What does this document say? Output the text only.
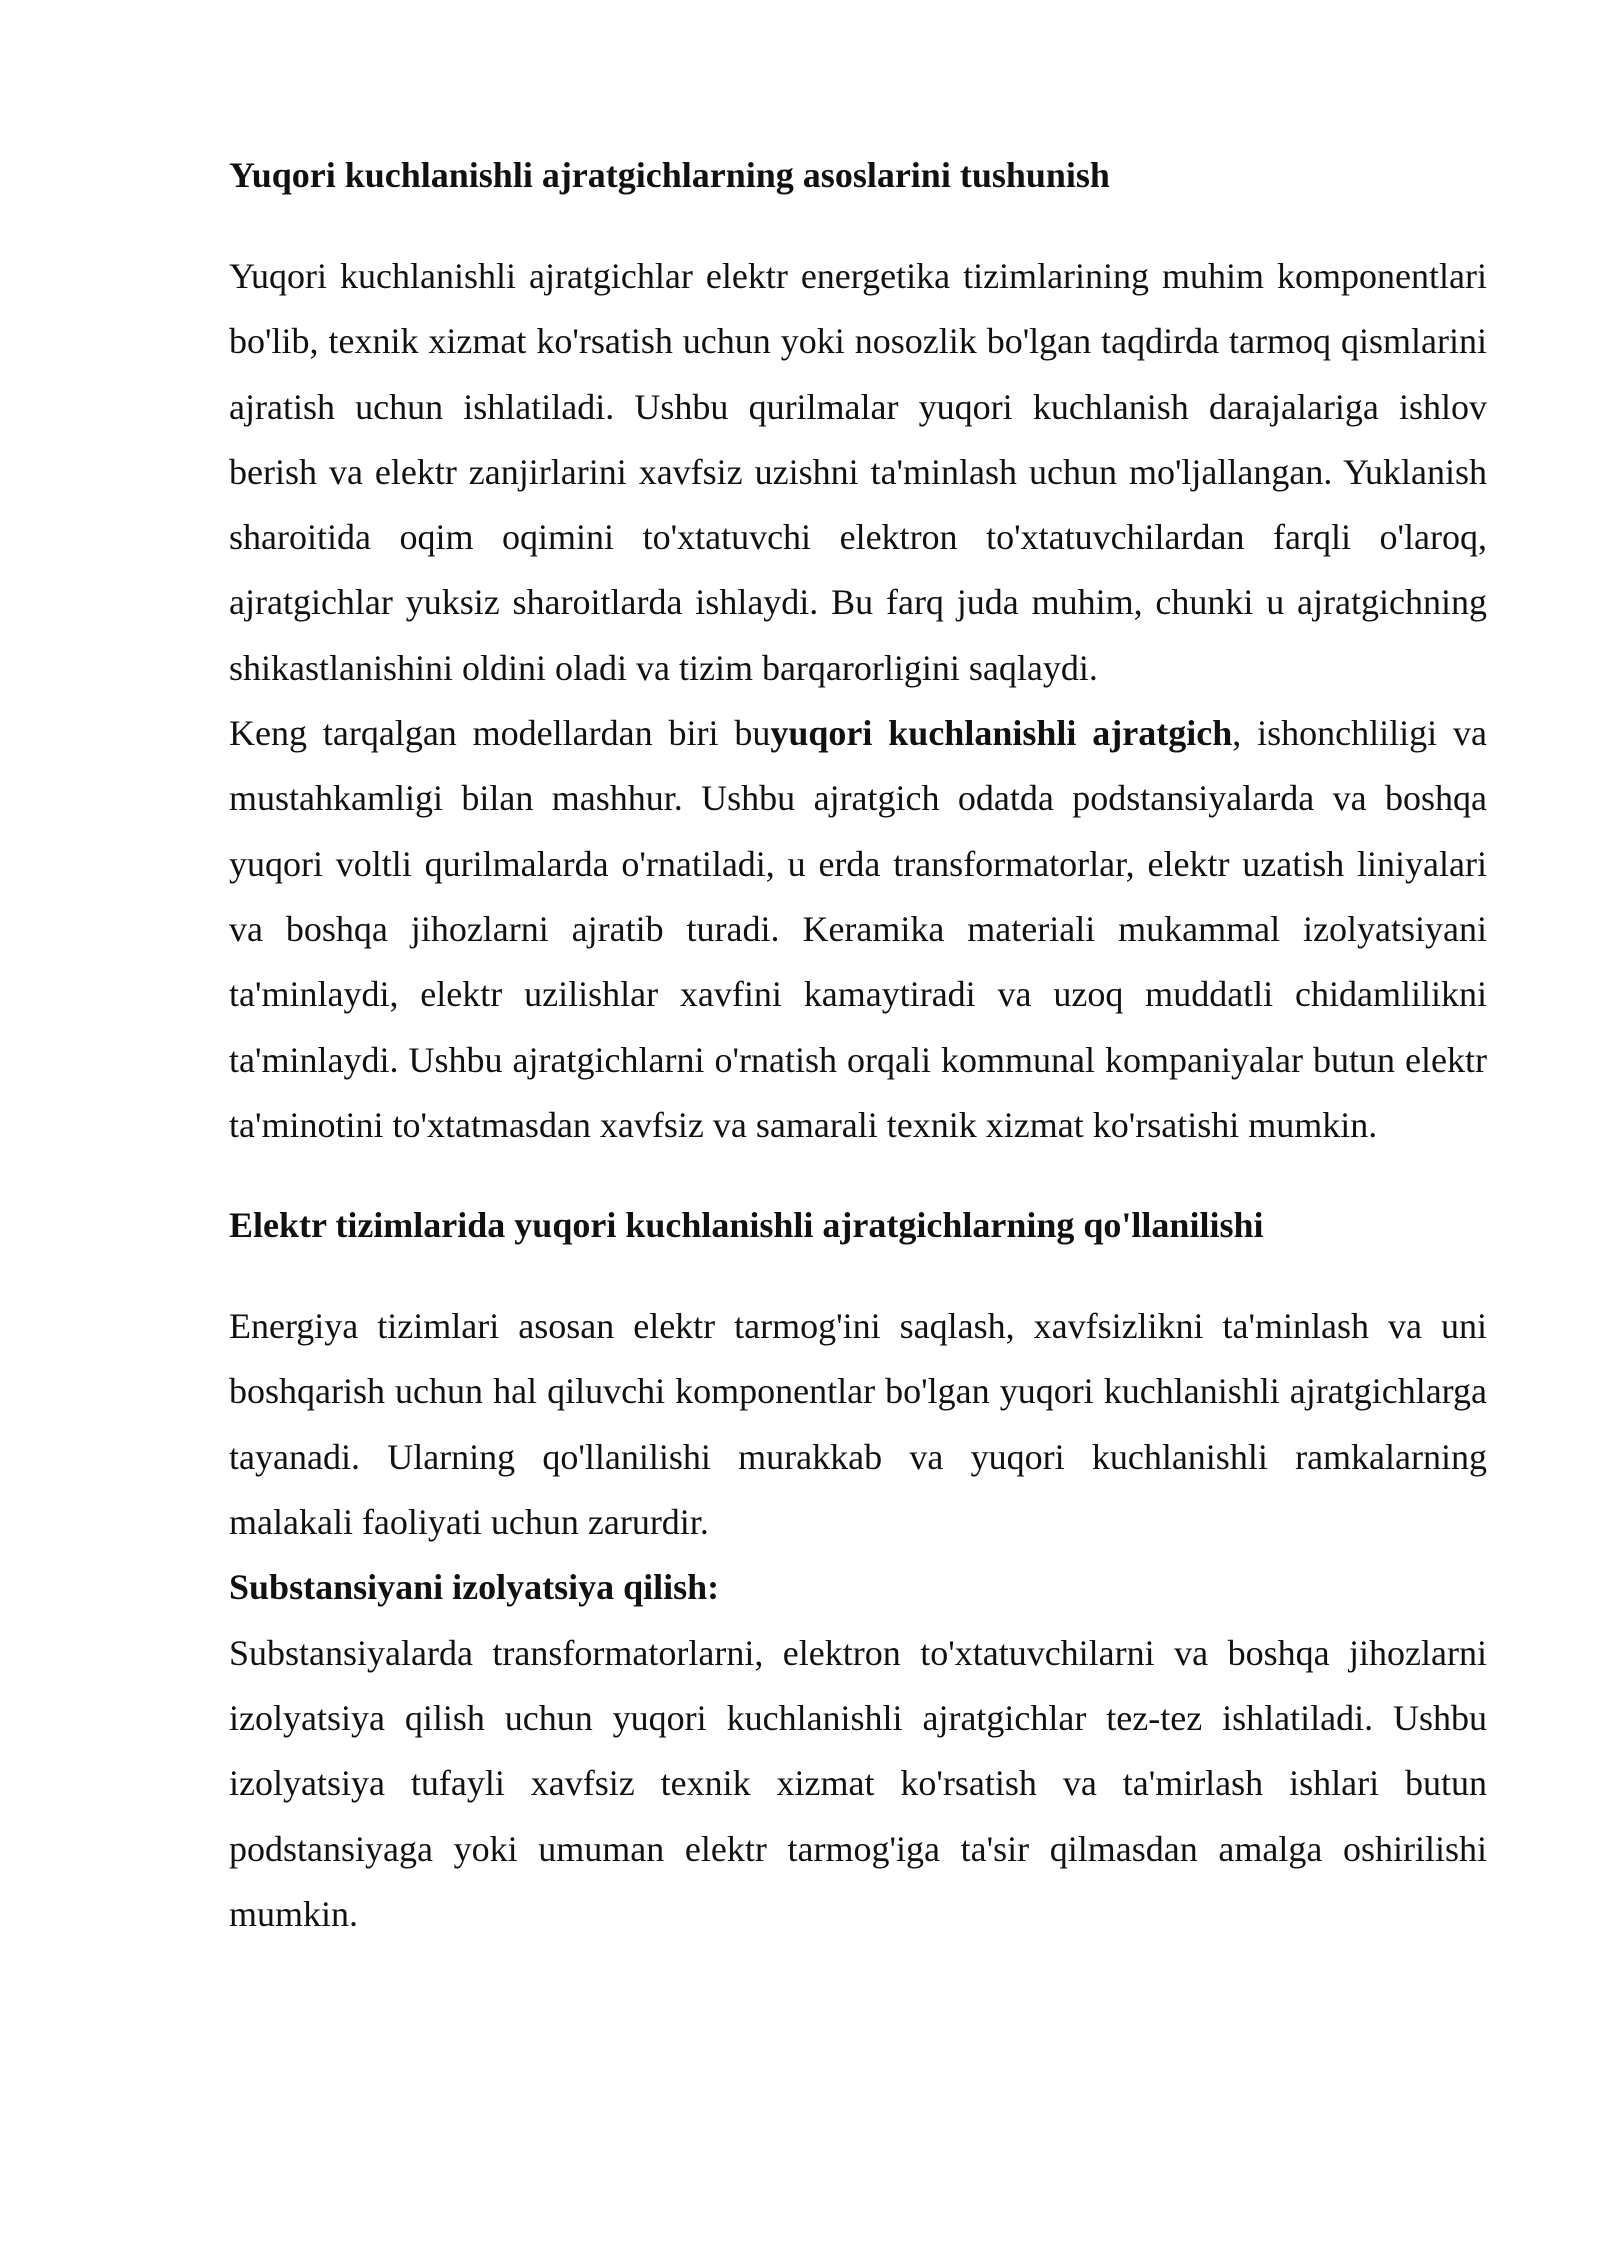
Yuqori kuchlanishli ajratgichlarning asoslarini tushunish

Yuqori kuchlanishli ajratgichlar elektr energetika tizimlarining muhim komponentlari bo'lib, texnik xizmat ko'rsatish uchun yoki nosozlik bo'lgan taqdirda tarmoq qismlarini ajratish uchun ishlatiladi. Ushbu qurilmalar yuqori kuchlanish darajalariga ishlov berish va elektr zanjirlarini xavfsiz uzishni ta'minlash uchun mo'ljallangan. Yuklanish sharoitida oqim oqimini to'xtatuvchi elektron to'xtatuvchilardan farqli o'laroq, ajratgichlar yuksiz sharoitlarda ishlaydi. Bu farq juda muhim, chunki u ajratgichning shikastlanishini oldini oladi va tizim barqarorligini saqlaydi.

Keng tarqalgan modellardan biri buyuqori kuchlanishli ajratgich, ishonchliligi va mustahkamligi bilan mashhur. Ushbu ajratgich odatda podstansiyalarda va boshqa yuqori voltli qurilmalarda o'rnatiladi, u erda transformatorlar, elektr uzatish liniyalari va boshqa jihozlarni ajratib turadi. Keramika materiali mukammal izolyatsiyani ta'minlaydi, elektr uzilishlar xavfini kamaytiradi va uzoq muddatli chidamlilikni ta'minlaydi. Ushbu ajratgichlarni o'rnatish orqali kommunal kompaniyalar butun elektr ta'minotini to'xtatmasdan xavfsiz va samarali texnik xizmat ko'rsatishi mumkin.

Elektr tizimlarida yuqori kuchlanishli ajratgichlarning qo'llanilishi

Energiya tizimlari asosan elektr tarmog'ini saqlash, xavfsizlikni ta'minlash va uni boshqarish uchun hal qiluvchi komponentlar bo'lgan yuqori kuchlanishli ajratgichlarga tayanadi. Ularning qo'llanilishi murakkab va yuqori kuchlanishli ramkalarning malakali faoliyati uchun zarurdir.

Substansiyani izolyatsiya qilish:

Substansiyalarda transformatorlarni, elektron to'xtatuvchilarni va boshqa jihozlarni izolyatsiya qilish uchun yuqori kuchlanishli ajratgichlar tez-tez ishlatiladi. Ushbu izolyatsiya tufayli xavfsiz texnik xizmat ko'rsatish va ta'mirlash ishlari butun podstansiyaga yoki umuman elektr tarmog'iga ta'sir qilmasdan amalga oshirilishi mumkin.
